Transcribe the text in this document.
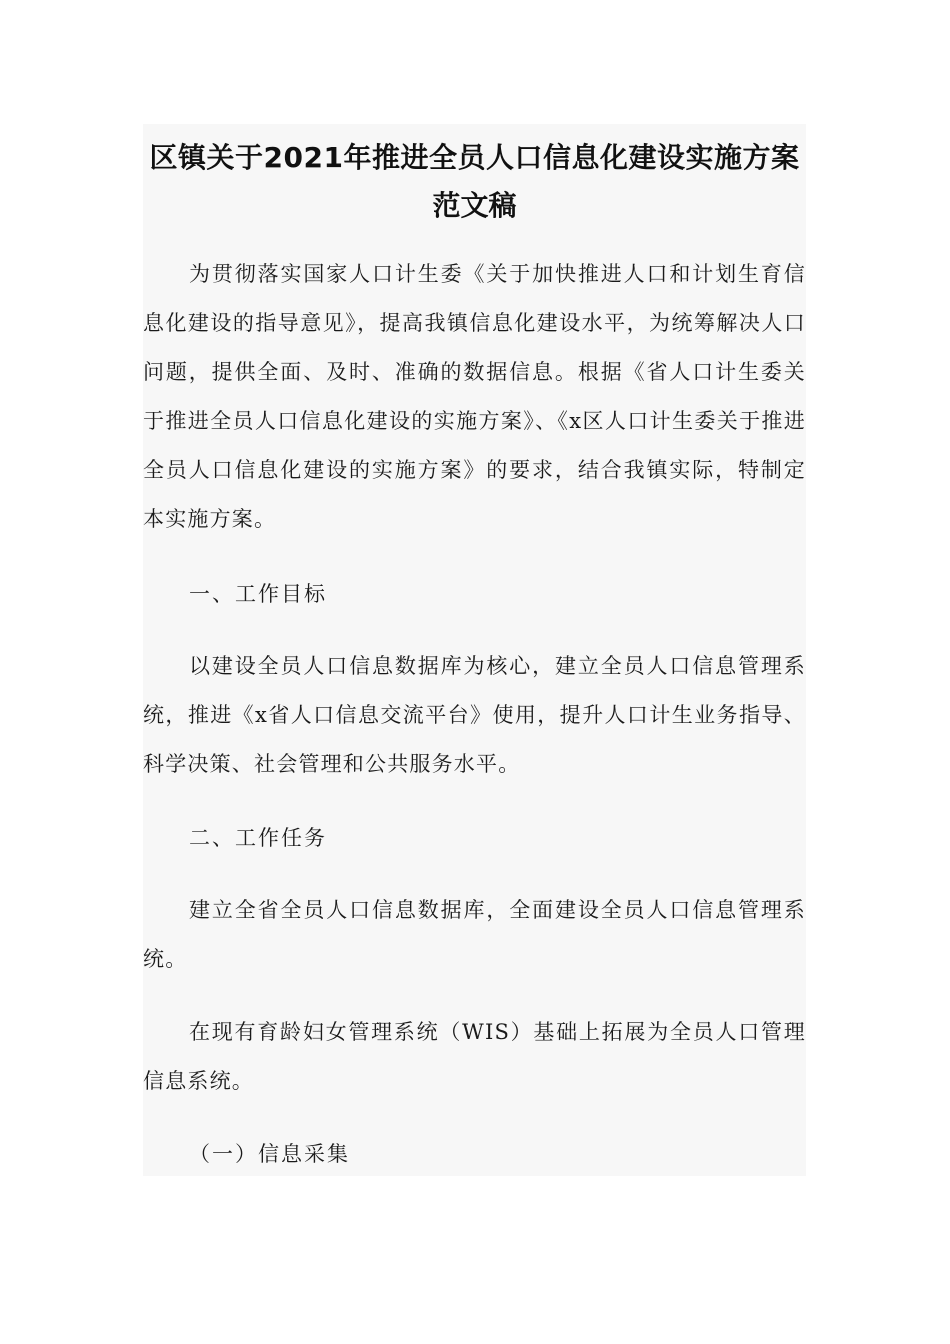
区镇关于2021年推进全员人口信息化建设实施方案
范文稿

为贯彻落实国家人口计生委《关于加快推进人口和计划生育信息化建设的指导意见》，提高我镇信息化建设水平，为统筹解决人口问题，提供全面、及时、准确的数据信息。根据《省人口计生委关于推进全员人口信息化建设的实施方案》、《x区人口计生委关于推进全员人口信息化建设的实施方案》的要求，结合我镇实际，特制定本实施方案。

一、工作目标

以建设全员人口信息数据库为核心，建立全员人口信息管理系统，推进《x省人口信息交流平台》使用，提升人口计生业务指导、科学决策、社会管理和公共服务水平。

二、工作任务

建立全省全员人口信息数据库，全面建设全员人口信息管理系统。

在现有育龄妇女管理系统（WIS）基础上拓展为全员人口管理信息系统。

（一）信息采集
